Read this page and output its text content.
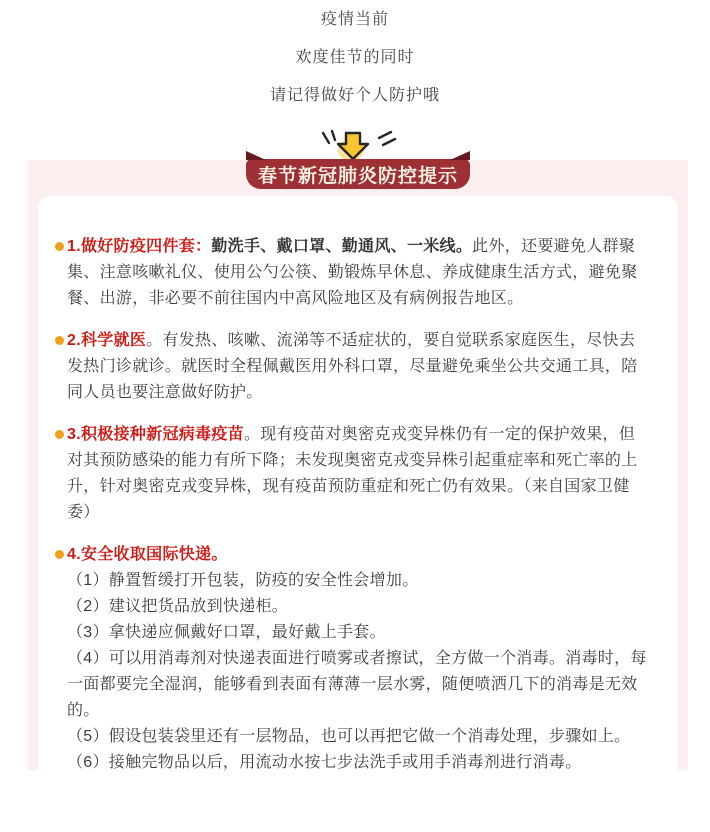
疫情当前

欢度佳节的同时

请记得做好个人防护哦

春节新冠肺炎防控提示
1.做好防疫四件套：勤洗手、戴口罩、勤通风、一米线。此外，还要避免人群聚集、注意咳嗽礼仪、使用公勺公筷、勤锻炼早休息、养成健康生活方式，避免聚餐、出游，非必要不前往国内中高风险地区及有病例报告地区。
2.科学就医。有发热、咳嗽、流涕等不适症状的，要自觉联系家庭医生，尽快去发热门诊就诊。就医时全程佩戴医用外科口罩，尽量避免乘坐公共交通工具，陪同人员也要注意做好防护。
3.积极接种新冠病毒疫苗。现有疫苗对奥密克戎变异株仍有一定的保护效果，但对其预防感染的能力有所下降；未发现奥密克戎变异株引起重症率和死亡率的上升，针对奥密克戎变异株，现有疫苗预防重症和死亡仍有效果。（来自国家卫健委）
4.安全收取国际快递。

（1）静置暂缓打开包装，防疫的安全性会增加。

（2）建议把货品放到快递柜。

（3）拿快递应佩戴好口罩，最好戴上手套。

（4）可以用消毒剂对快递表面进行喷雾或者擦试，全方做一个消毒。消毒时，每一面都要完全湿润，能够看到表面有薄薄一层水雾，随便喷洒几下的消毒是无效的。

（5）假设包装袋里还有一层物品，也可以再把它做一个消毒处理，步骤如上。

（6）接触完物品以后，用流动水按七步法洗手或用手消毒剂进行消毒。
